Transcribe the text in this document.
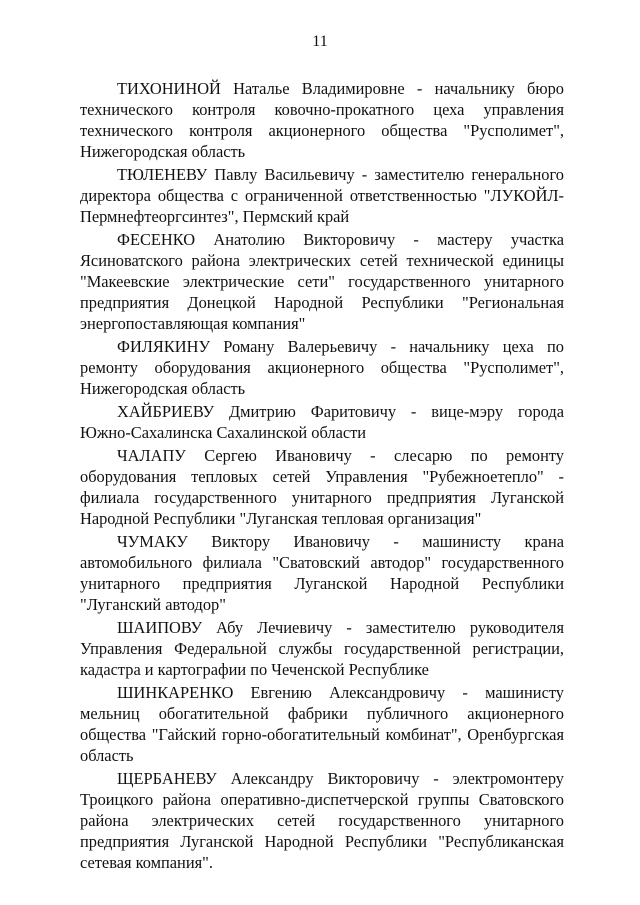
11

ТИХОНИНОЙ Наталье Владимировне - начальнику бюро технического контроля ковочно-прокатного цеха управления технического контроля акционерного общества "Русполимет", Нижегородская область

ТЮЛЕНЕВУ Павлу Васильевичу - заместителю генерального директора общества с ограниченной ответственностью "ЛУКОЙЛ-Пермнефтеоргсинтез", Пермский край

ФЕСЕНКО Анатолию Викторовичу - мастеру участка Ясиноватского района электрических сетей технической единицы "Макеевские электрические сети" государственного унитарного предприятия Донецкой Народной Республики "Региональная энергопоставляющая компания"

ФИЛЯКИНУ Роману Валерьевичу - начальнику цеха по ремонту оборудования акционерного общества "Русполимет", Нижегородская область

ХАЙБРИЕВУ Дмитрию Фаритовичу - вице-мэру города Южно-Сахалинска Сахалинской области

ЧАЛАПУ Сергею Ивановичу - слесарю по ремонту оборудования тепловых сетей Управления "Рубежноетепло" - филиала государственного унитарного предприятия Луганской Народной Республики "Луганская тепловая организация"

ЧУМАКУ Виктору Ивановичу - машинисту крана автомобильного филиала "Сватовский автодор" государственного унитарного предприятия Луганской Народной Республики "Луганский автодор"

ШАИПОВУ Абу Лечиевичу - заместителю руководителя Управления Федеральной службы государственной регистрации, кадастра и картографии по Чеченской Республике

ШИНКАРЕНКО Евгению Александровичу - машинисту мельниц обогатительной фабрики публичного акционерного общества "Гайский горно-обогатительный комбинат", Оренбургская область

ЩЕРБАНЕВУ Александру Викторовичу - электромонтеру Троицкого района оперативно-диспетчерской группы Сватовского района электрических сетей государственного унитарного предприятия Луганской Народной Республики "Республиканская сетевая компания".
